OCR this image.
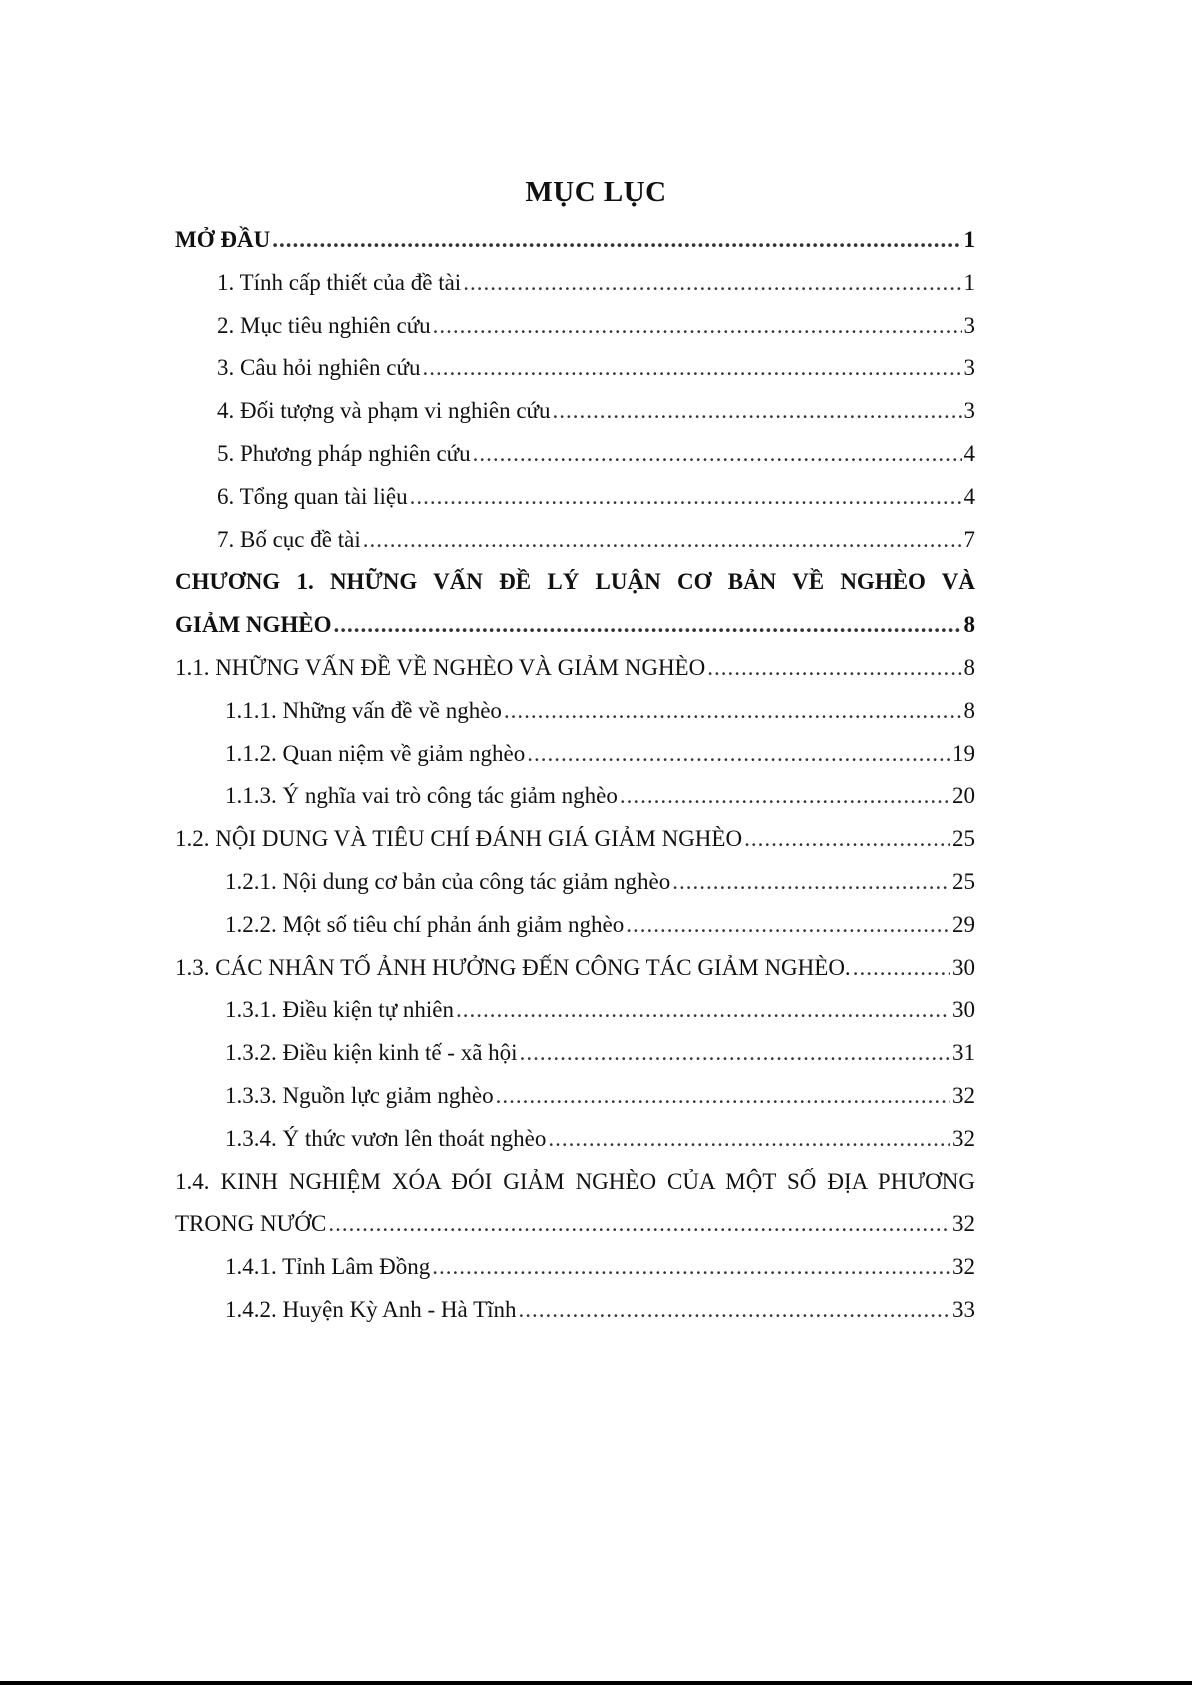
MỤC LỤC
MỞ ĐẦU .....	1
1. Tính cấp thiết của đề tài .....	1
2. Mục tiêu nghiên cứu .....	3
3. Câu hỏi nghiên cứu .....	3
4. Đối tượng và phạm vi nghiên cứu .....	3
5. Phương pháp nghiên cứu .....	4
6. Tổng quan tài liệu .....	4
7. Bố cục đề tài .....	7
CHƯƠNG 1. NHỮNG VẤN ĐỀ LÝ LUẬN CƠ BẢN VỀ NGHÈO VÀ
GIẢM NGHÈO .....	8
1.1. NHỮNG VẤN ĐỀ VỀ NGHÈO VÀ GIẢM NGHÈO .....	8
1.1.1. Những vấn đề về nghèo .....	8
1.1.2. Quan niệm về giảm nghèo .....	19
1.1.3. Ý nghĩa vai trò công tác giảm nghèo .....	20
1.2. NỘI DUNG VÀ TIÊU CHÍ ĐÁNH GIÁ GIẢM NGHÈO .....	25
1.2.1. Nội dung cơ bản của công tác giảm nghèo .....	25
1.2.2. Một số tiêu chí phản ánh giảm nghèo .....	29
1.3. CÁC NHÂN TỐ ẢNH HƯỞNG ĐẾN CÔNG TÁC GIẢM NGHÈO. .....	30
1.3.1. Điều kiện tự nhiên .....	30
1.3.2. Điều kiện kinh tế - xã hội .....	31
1.3.3. Nguồn lực giảm nghèo .....	32
1.3.4. Ý thức vươn lên thoát nghèo .....	32
1.4. KINH NGHIỆM XÓA ĐÓI GIẢM NGHÈO CỦA MỘT SỐ ĐỊA PHƯƠNG
TRONG NƯỚC .....	32
1.4.1. Tỉnh Lâm Đồng .....	32
1.4.2. Huyện Kỳ Anh - Hà Tĩnh .....	33
